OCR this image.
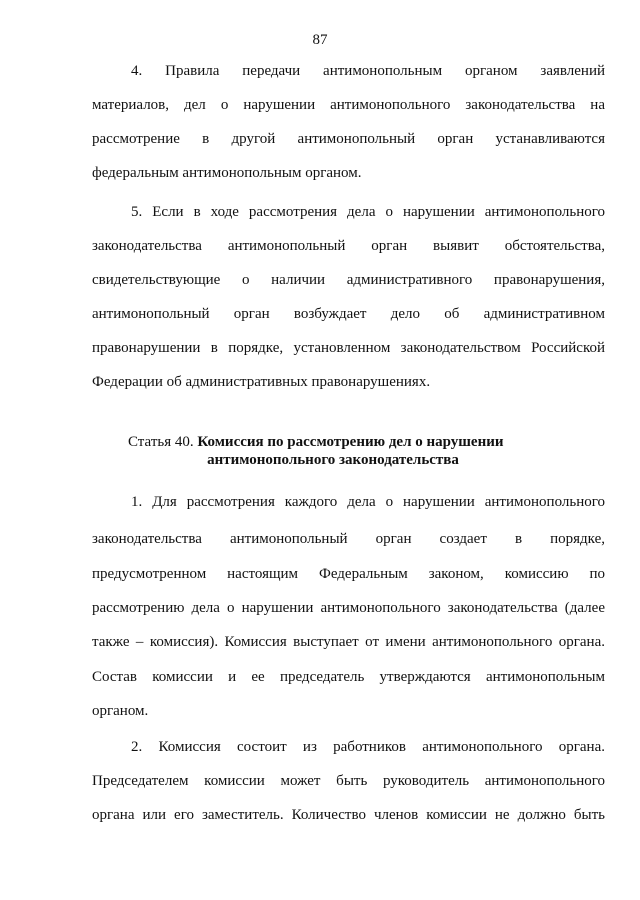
87
4. Правила передачи антимонопольным органом заявлений
материалов, дел о нарушении антимонопольного законодательства на
рассмотрение в другой антимонопольный орган устанавливаются
федеральным антимонопольным органом.
5. Если в ходе рассмотрения дела о нарушении антимонопольного
законодательства антимонопольный орган выявит обстоятельства,
свидетельствующие о наличии административного правонарушения,
антимонопольный орган возбуждает дело об административном
правонарушении в порядке, установленном законодательством Российской
Федерации об административных правонарушениях.
Статья 40. Комиссия по рассмотрению дел о нарушении
антимонопольного законодательства
1. Для рассмотрения каждого дела о нарушении антимонопольного
законодательства антимонопольный орган создает в порядке,
предусмотренном настоящим Федеральным законом, комиссию по
рассмотрению дела о нарушении антимонопольного законодательства (далее
также – комиссия). Комиссия выступает от имени антимонопольного органа.
Состав комиссии и ее председатель утверждаются антимонопольным
органом.
2. Комиссия состоит из работников антимонопольного органа.
Председателем комиссии может быть руководитель антимонопольного
органа или его заместитель. Количество членов комиссии не должно быть
